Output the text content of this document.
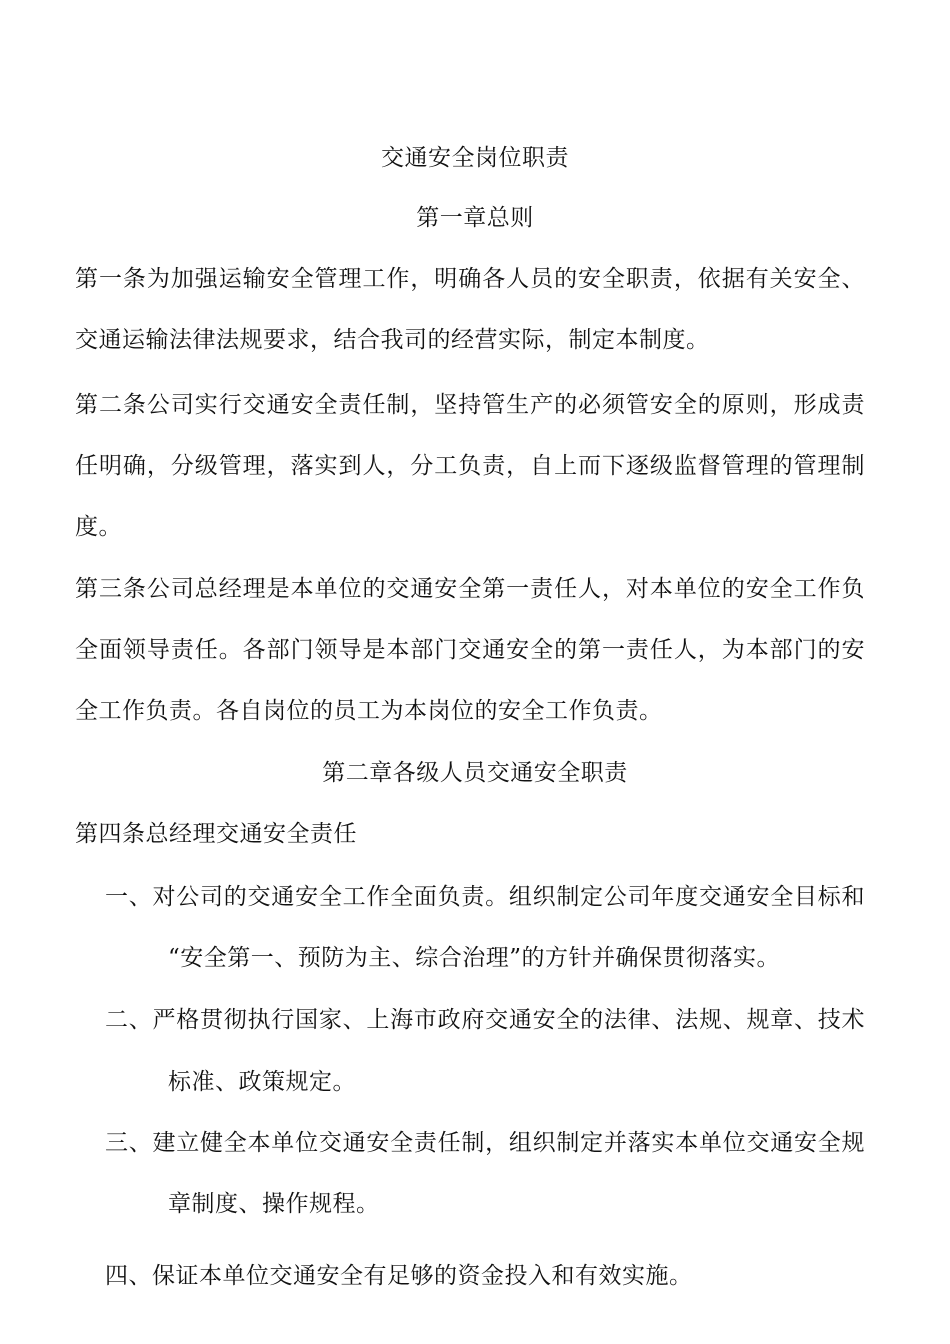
交通安全岗位职责
第一章总则
第一条为加强运输安全管理工作，明确各人员的安全职责，依据有关安全、
交通运输法律法规要求，结合我司的经营实际，制定本制度。
第二条公司实行交通安全责任制，坚持管生产的必须管安全的原则，形成责
任明确，分级管理，落实到人，分工负责，自上而下逐级监督管理的管理制
度。
第三条公司总经理是本单位的交通安全第一责任人，对本单位的安全工作负
全面领导责任。各部门领导是本部门交通安全的第一责任人，为本部门的安
全工作负责。各自岗位的员工为本岗位的安全工作负责。
第二章各级人员交通安全职责
第四条总经理交通安全责任
一、对公司的交通安全工作全面负责。组织制定公司年度交通安全目标和
“安全第一、预防为主、综合治理”的方针并确保贯彻落实。
二、严格贯彻执行国家、上海市政府交通安全的法律、法规、规章、技术
标准、政策规定。
三、建立健全本单位交通安全责任制，组织制定并落实本单位交通安全规
章制度、操作规程。
四、保证本单位交通安全有足够的资金投入和有效实施。
